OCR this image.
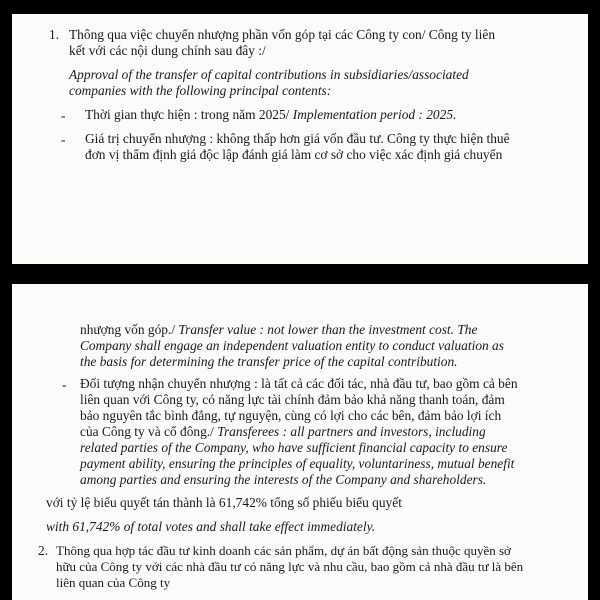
1. Thông qua việc chuyển nhượng phần vốn góp tại các Công ty con/ Công ty liên
kết với các nội dung chính sau đây :/
Approval of the transfer of capital contributions in subsidiaries/associated
companies with the following principal contents:
- Thời gian thực hiện : trong năm 2025/ Implementation period : 2025.
- Giá trị chuyển nhượng : không thấp hơn giá vốn đầu tư. Công ty thực hiện thuê
đơn vị thẩm định giá độc lập đánh giá làm cơ sở cho việc xác định giá chuyển
nhượng vốn góp./ Transfer value : not lower than the investment cost. The
Company shall engage an independent valuation entity to conduct valuation as
the basis for determining the transfer price of the capital contribution.
- Đối tượng nhận chuyển nhượng : là tất cả các đối tác, nhà đầu tư, bao gồm cả bên
liên quan với Công ty, có năng lực tài chính đảm bảo khả năng thanh toán, đảm
bảo nguyên tắc bình đẳng, tự nguyện, cùng có lợi cho các bên, đảm bảo lợi ích
của Công ty và cổ đông./ Transferees : all partners and investors, including
related parties of the Company, who have sufficient financial capacity to ensure
payment ability, ensuring the principles of equality, voluntariness, mutual benefit
among parties and ensuring the interests of the Company and shareholders.
với tỷ lệ biểu quyết tán thành là 61,742% tổng số phiếu biểu quyết
with 61,742% of total votes and shall take effect immediately.
2. Thông qua hợp tác đầu tư kinh doanh các sản phẩm, dự án bất động sản thuộc quyền sở
hữu của Công ty với các nhà đầu tư có năng lực và nhu cầu, bao gồm cả nhà đầu tư là bên
liên quan của Công ty
